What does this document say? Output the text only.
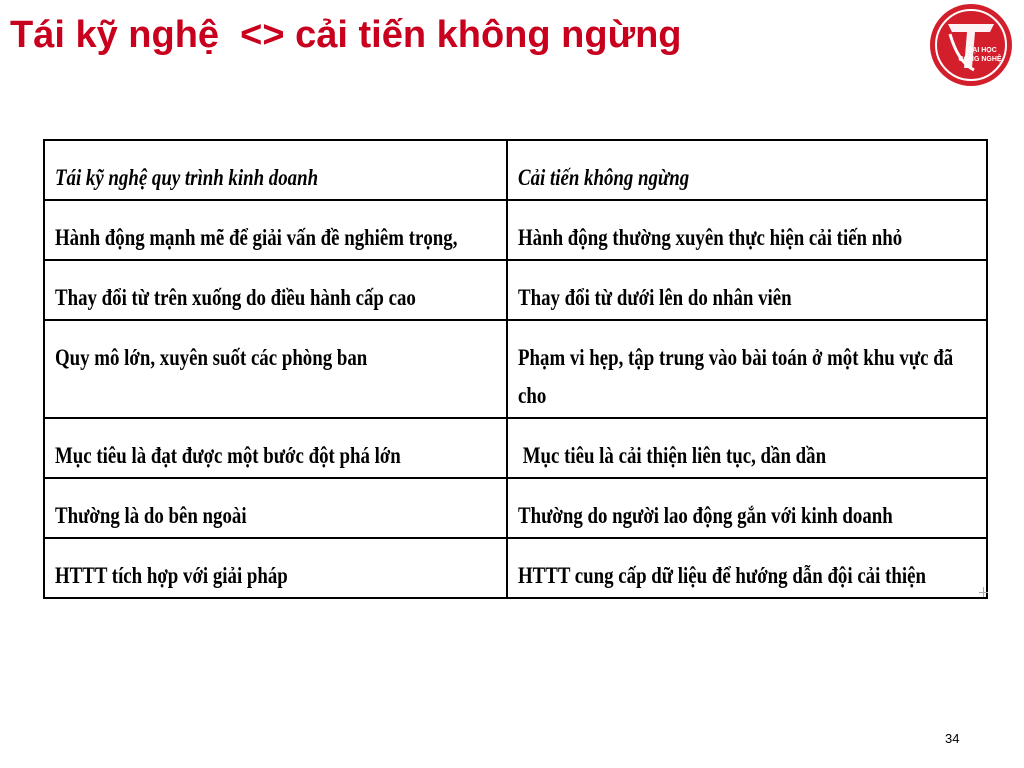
Tái kỹ nghệ  <> cải tiến không ngừng	ĐẠI HỌC
CÔNG NGHỆ
Tái kỹ nghệ quy trình kinh doanh	Cải tiến không ngừng
Hành động mạnh mẽ để giải vấn đề nghiêm trọng,	Hành động thường xuyên thực hiện cải tiến nhỏ
Thay đổi từ trên xuống do điều hành cấp cao	Thay đổi từ dưới lên do nhân viên
Quy mô lớn, xuyên suốt các phòng ban	Phạm vi hẹp, tập trung vào bài toán ở một khu vực đã cho
Mục tiêu là đạt được một bước đột phá lớn	Mục tiêu là cải thiện liên tục, dần dần
Thường là do bên ngoài	Thường do người lao động gắn với kinh doanh
HTTT tích hợp với giải pháp	HTTT cung cấp dữ liệu để hướng dẫn đội cải thiện
34
